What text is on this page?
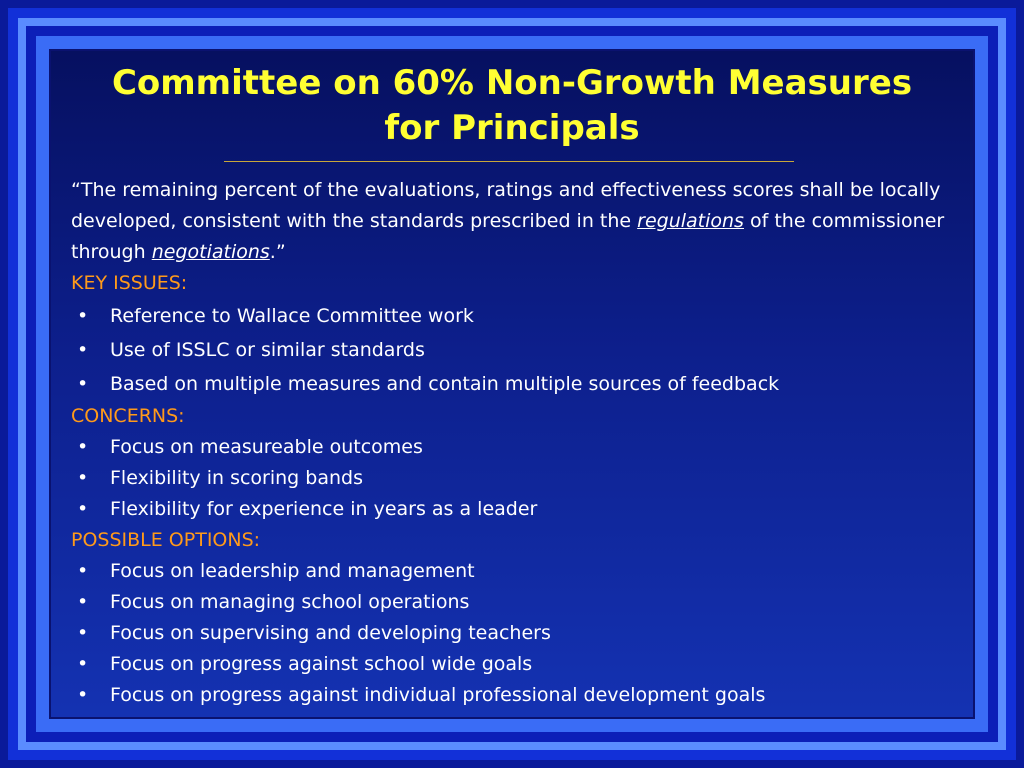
Committee on 60% Non-Growth Measures
for Principals

“The remaining percent of the evaluations, ratings and effectiveness scores shall be locally developed, consistent with the standards prescribed in the regulations of the commissioner through negotiations.”

KEY ISSUES:

• Reference to Wallace Committee work
• Use of ISSLC or similar standards
• Based on multiple measures and contain multiple sources of feedback

CONCERNS:

• Focus on measureable outcomes
• Flexibility in scoring bands
• Flexibility for experience in years as a leader

POSSIBLE OPTIONS:

• Focus on leadership and management
• Focus on managing school operations
• Focus on supervising and developing teachers
• Focus on progress against school wide goals
• Focus on progress against individual professional development goals
